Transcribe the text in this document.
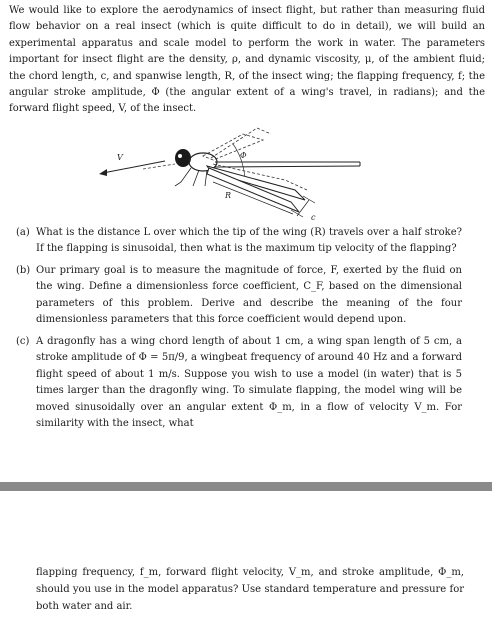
We would like to explore the aerodynamics of insect flight, but rather than measuring fluid flow behavior on a real insect (which is quite difficult to do in detail), we will build an experimental apparatus and scale model to perform the work in water. The parameters important for insect flight are the density, ρ, and dynamic viscosity, μ, of the ambient fluid; the chord length, c, and spanwise length, R, of the insect wing; the flapping frequency, f; the angular stroke amplitude, Φ (the angular extent of a wing's travel, in radians); and the forward flight speed, V, of the insect.
V	Φ
R
c
(a) What is the distance L over which the tip of the wing (R) travels over a half stroke? If the flapping is sinusoidal, then what is the maximum tip velocity of the flapping?
(b) Our primary goal is to measure the magnitude of force, F, exerted by the fluid on the wing. Define a dimensionless force coefficient, C_F, based on the dimensional parameters of this problem. Derive and describe the meaning of the four dimensionless parameters that this force coefficient would depend upon.
(c) A dragonfly has a wing chord length of about 1 cm, a wing span length of 5 cm, a stroke amplitude of Φ = 5π/9, a wingbeat frequency of around 40 Hz and a forward flight speed of about 1 m/s. Suppose you wish to use a model (in water) that is 5 times larger than the dragonfly wing. To simulate flapping, the model wing will be moved sinusoidally over an angular extent Φ_m, in a flow of velocity V_m. For similarity with the insect, what
flapping frequency, f_m, forward flight velocity, V_m, and stroke amplitude, Φ_m, should you use in the model apparatus? Use standard temperature and pressure for both water and air.
